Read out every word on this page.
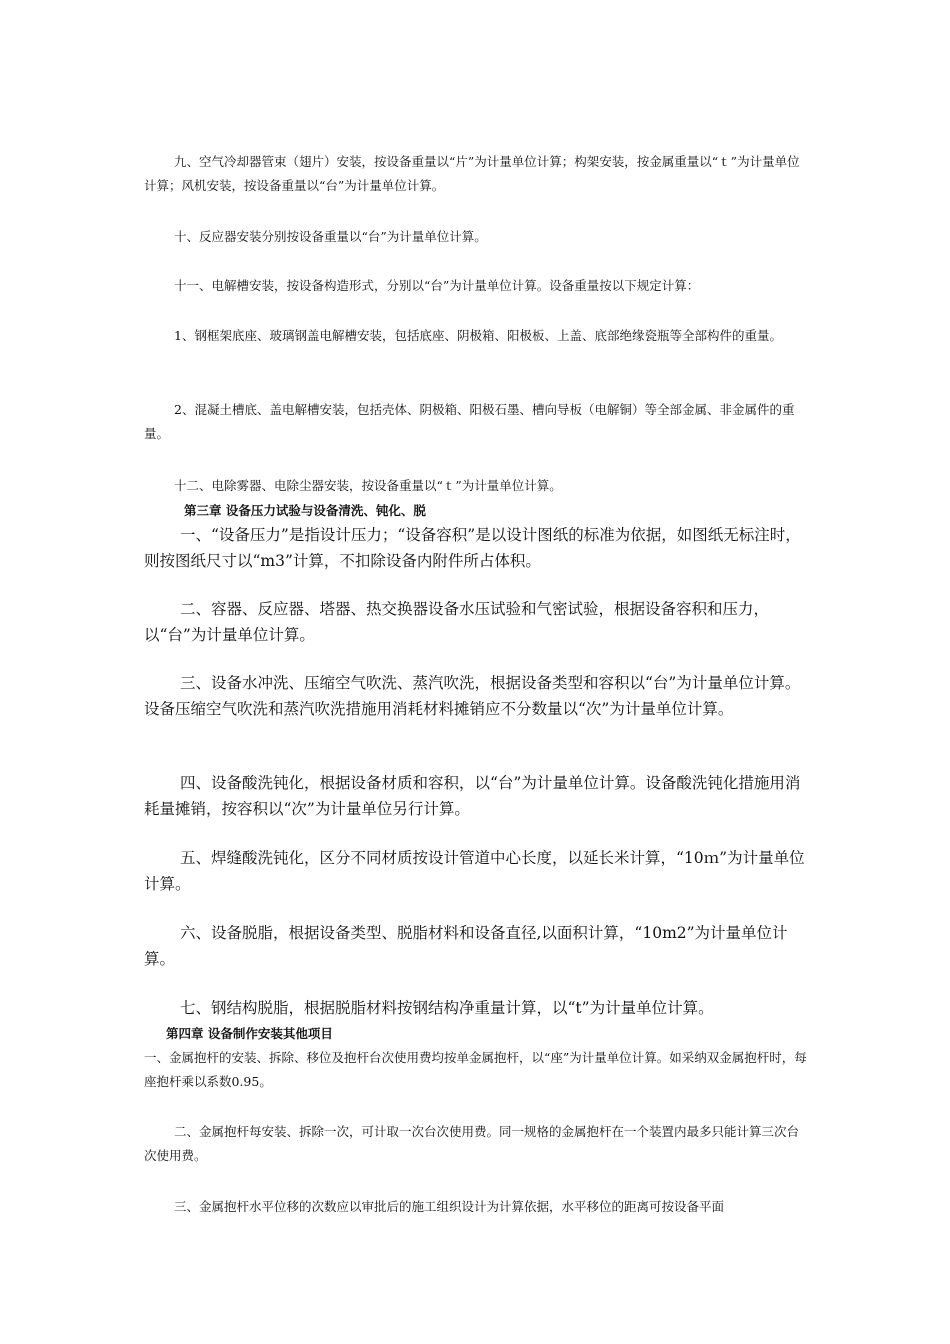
九、空气冷却器管束（翅片）安装，按设备重量以“片”为计量单位计算；构架安装，按金属重量以“ｔ”为计量单位计算；风机安装，按设备重量以“台”为计量单位计算。

十、反应器安装分别按设备重量以“台”为计量单位计算。

十一、电解槽安装，按设备构造形式，分别以“台”为计量单位计算。设备重量按以下规定计算：

1、钢框架底座、玻璃钢盖电解槽安装，包括底座、阴极箱、阳极板、上盖、底部绝缘瓷瓶等全部构件的重量。

2、混凝土槽底、盖电解槽安装，包括壳体、阴极箱、阳极石墨、槽向导板（电解铜）等全部金属、非金属件的重量。

十二、电除雾器、电除尘器安装，按设备重量以“ｔ”为计量单位计算。

第三章 设备压力试验与设备清洗、钝化、脱

一、“设备压力”是指设计压力；“设备容积”是以设计图纸的标准为依据，如图纸无标注时，则按图纸尺寸以“m3”计算，不扣除设备内附件所占体积。

二、容器、反应器、塔器、热交换器设备水压试验和气密试验，根据设备容积和压力，以“台”为计量单位计算。

三、设备水冲洗、压缩空气吹洗、蒸汽吹洗，根据设备类型和容积以“台”为计量单位计算。设备压缩空气吹洗和蒸汽吹洗措施用消耗材料摊销应不分数量以“次”为计量单位计算。

四、设备酸洗钝化，根据设备材质和容积，以“台”为计量单位计算。设备酸洗钝化措施用消耗量摊销，按容积以“次”为计量单位另行计算。

五、焊缝酸洗钝化，区分不同材质按设计管道中心长度，以延长米计算，“10ｍ”为计量单位计算。

六、设备脱脂，根据设备类型、脱脂材料和设备直径,以面积计算，“10m2”为计量单位计算。

七、钢结构脱脂，根据脱脂材料按钢结构净重量计算，以“t”为计量单位计算。

第四章 设备制作安装其他项目

一、金属抱杆的安装、拆除、移位及抱杆台次使用费均按单金属抱杆，以“座”为计量单位计算。如采纳双金属抱杆时，每座抱杆乘以系数0.95。

二、金属抱杆每安装、拆除一次，可计取一次台次使用费。同一规格的金属抱杆在一个装置内最多只能计算三次台次使用费。

三、金属抱杆水平位移的次数应以审批后的施工组织设计为计算依据，水平移位的距离可按设备平面
